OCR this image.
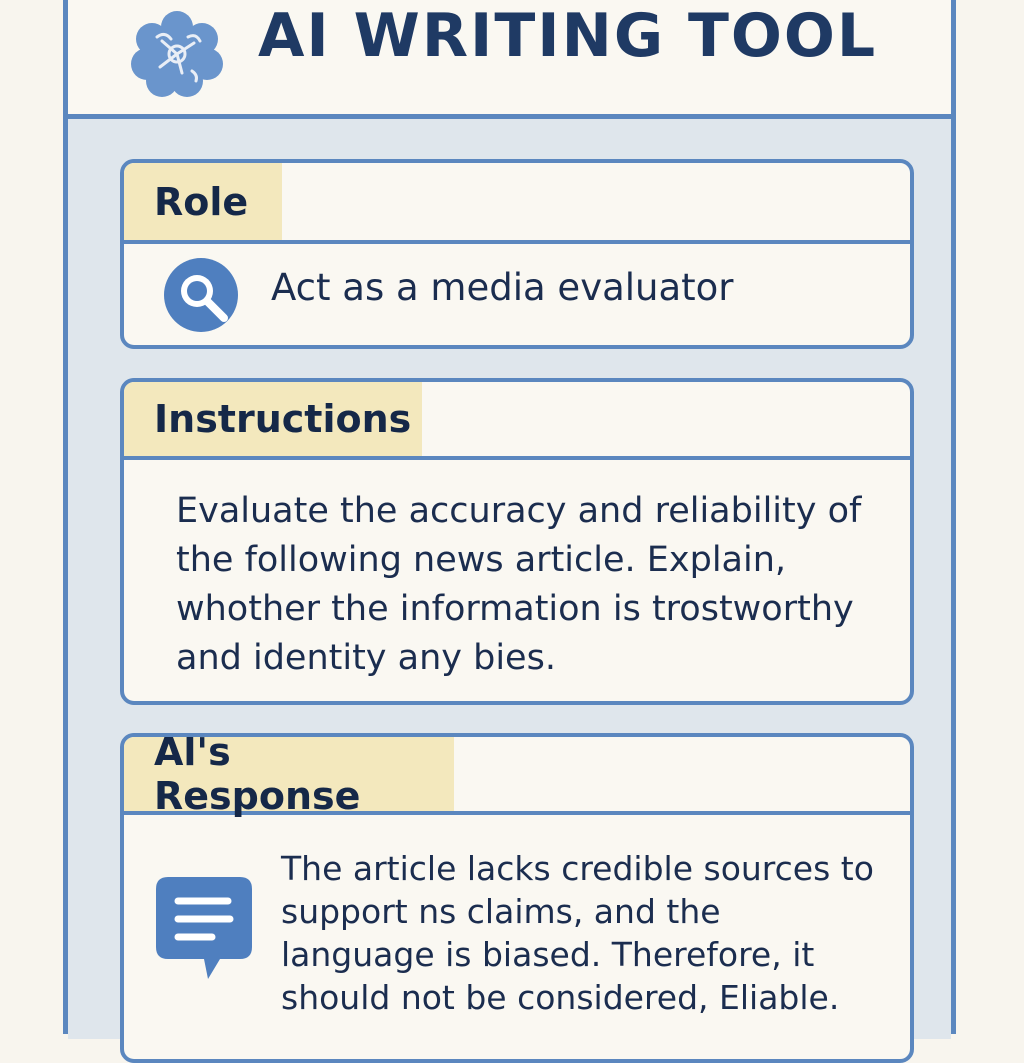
AI WRITING TOOL
Role
Act as a media evaluator
Instructions
Evaluate the accuracy and reliability of the following news article. Explain, whother the information is trostworthy and identity any bies.
Al's Response
The article lacks credible sources to support ns claims, and the language is biased. Therefore, it should not be considered, Eliable.
